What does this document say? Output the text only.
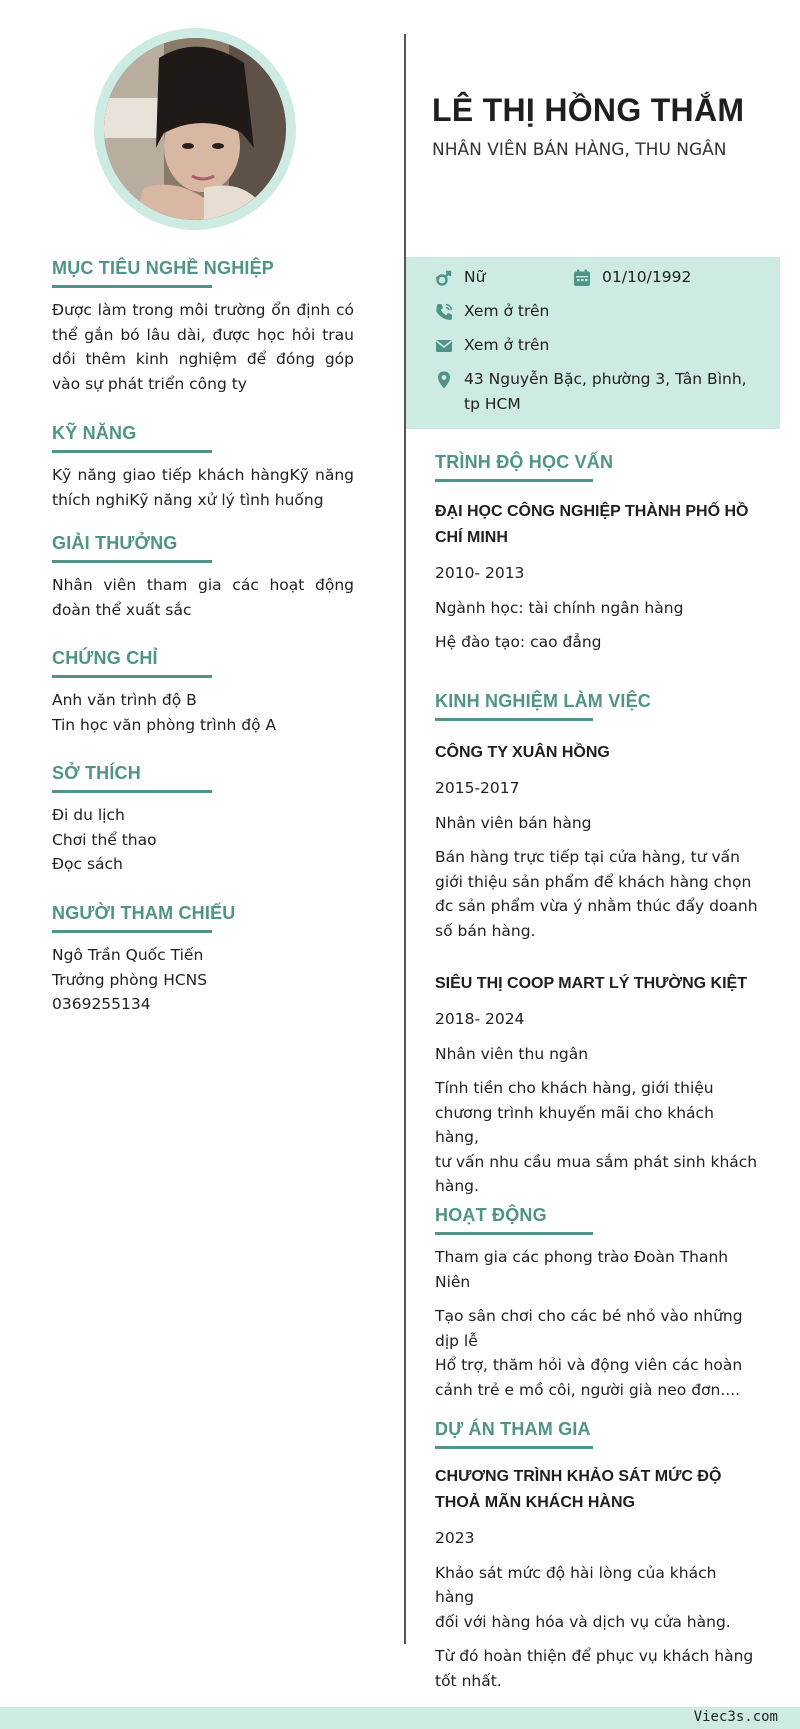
MỤC TIÊU NGHỀ NGHIỆP
Được làm trong môi trường ổn định có thể gắn bó lâu dài, được học hỏi trau dồi thêm kinh nghiệm để đóng góp vào sự phát triển công ty
KỸ NĂNG
Kỹ năng giao tiếp khách hàngKỹ năng thích nghiKỹ năng xử lý tình huống
GIẢI THƯỞNG
Nhân viên tham gia các hoạt động đoàn thể xuất sắc
CHỨNG CHỈ
Anh văn trình độ B
Tin học văn phòng trình độ A
SỞ THÍCH
Đi du lịch
Chơi thể thao
Đọc sách
NGƯỜI THAM CHIẾU
Ngô Trần Quốc Tiến
Trưởng phòng HCNS
0369255134
LÊ THỊ HỒNG THẮM
NHÂN VIÊN BÁN HÀNG, THU NGÂN
Nữ	01/10/1992
Xem ở trên
Xem ở trên
43 Nguyễn Bặc, phường 3, Tân Bình,
tp HCM
TRÌNH ĐỘ HỌC VẤN
ĐẠI HỌC CÔNG NGHIỆP THÀNH PHỐ HỒ
CHÍ MINH
2010- 2013
Ngành học: tài chính ngân hàng
Hệ đào tạo: cao đẳng
KINH NGHIỆM LÀM VIỆC
CÔNG TY XUÂN HỒNG
2015-2017
Nhân viên bán hàng
Bán hàng trực tiếp tại cửa hàng, tư vấn
giới thiệu sản phẩm để khách hàng chọn
đc sản phẩm vừa ý nhằm thúc đẩy doanh
số bán hàng.
SIÊU THỊ COOP MART LÝ THƯỜNG KIỆT
2018- 2024
Nhân viên thu ngân
Tính tiền cho khách hàng, giới thiệu
chương trình khuyến mãi cho khách hàng,
tư vấn nhu cầu mua sắm phát sinh khách
hàng.
HOẠT ĐỘNG
Tham gia các phong trào Đoàn Thanh
Niên
Tạo sân chơi cho các bé nhỏ vào những
dịp lễ
Hổ trợ, thăm hỏi và động viên các hoàn
cảnh trẻ e mồ côi, người già neo đơn....
DỰ ÁN THAM GIA
CHƯƠNG TRÌNH KHẢO SÁT MỨC ĐỘ
THOẢ MÃN KHÁCH HÀNG
2023
Khảo sát mức độ hài lòng của khách hàng
đối với hàng hóa và dịch vụ cửa hàng.
Từ đó hoàn thiện để phục vụ khách hàng
tốt nhất.
Viec3s.com
